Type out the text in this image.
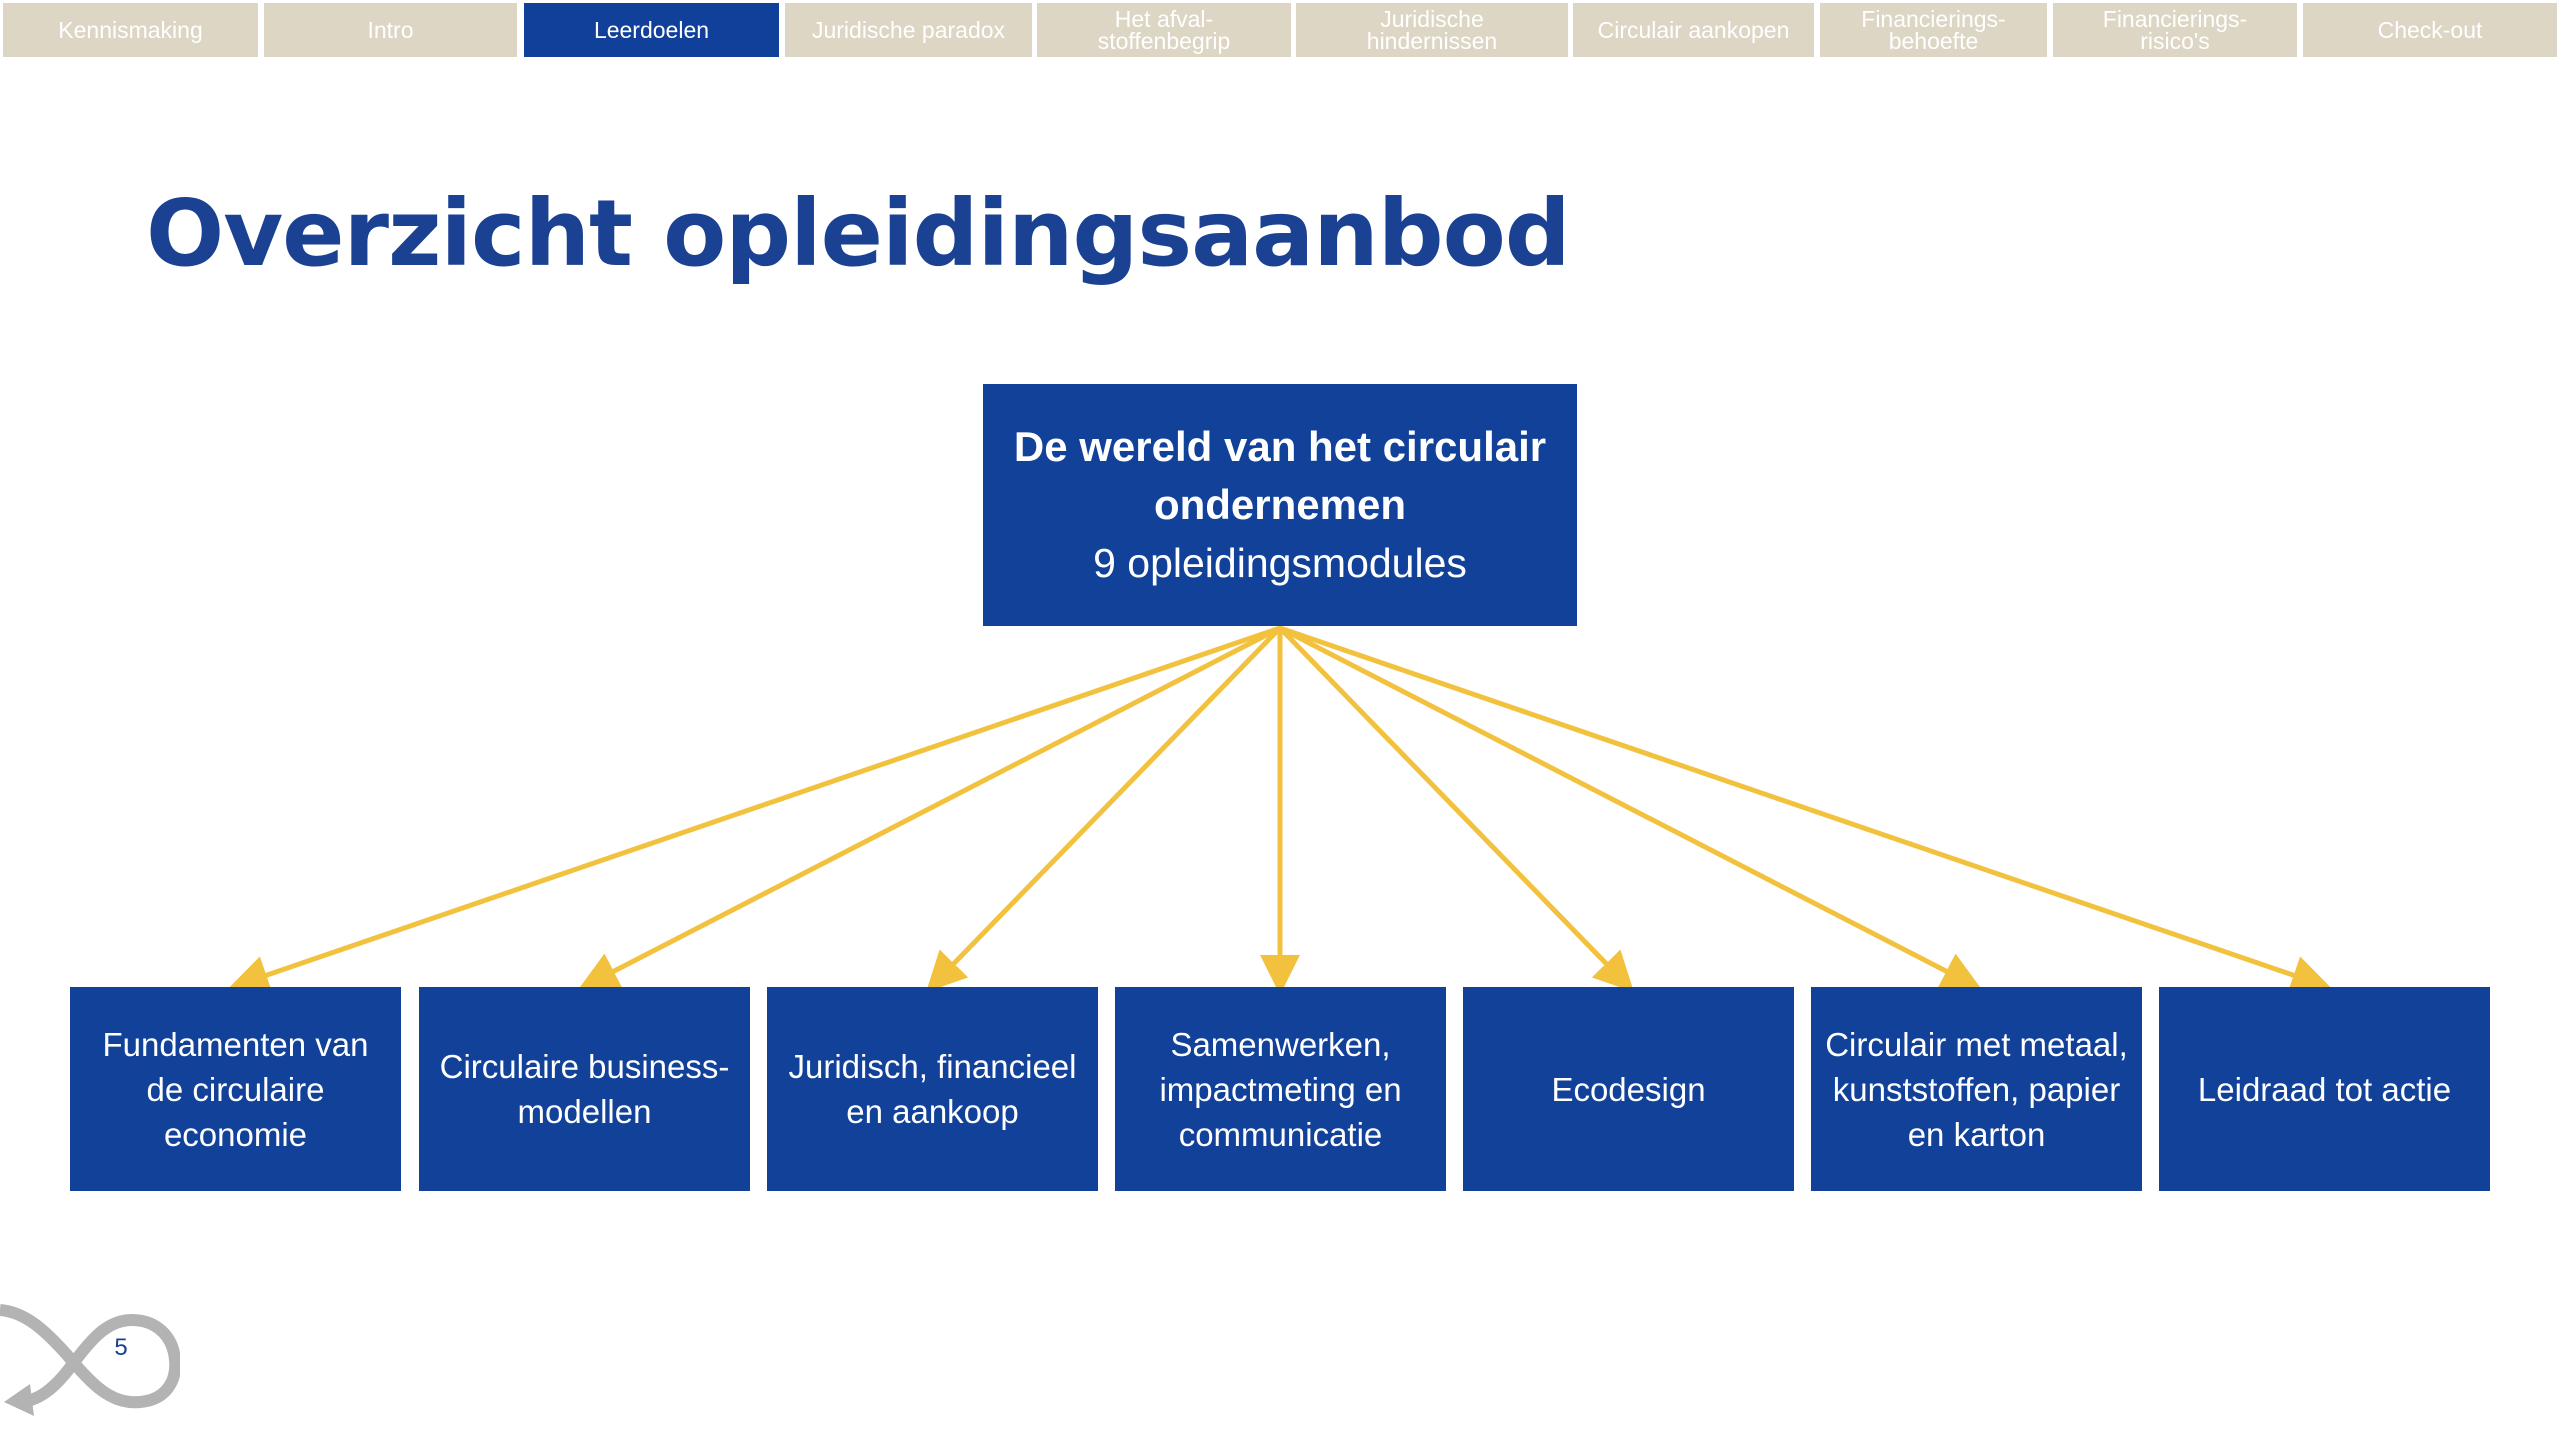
Kennismaking	Intro	Leerdoelen	Juridische paradox	Het afval-
stoffenbegrip
Juridische
hindernissen	Circulair aankopen	Financierings-
behoefte
Financierings-
risico's	Check-out
Overzicht opleidingsaanbod
De wereld van het circulair ondernemen
9 opleidingsmodules
Fundamenten van de circulaire economie
Circulaire business-modellen
Juridisch, financieel en aankoop
Samenwerken, impactmeting en communicatie
Ecodesign
Circulair met metaal, kunststoffen, papier en karton
Leidraad tot actie
5
